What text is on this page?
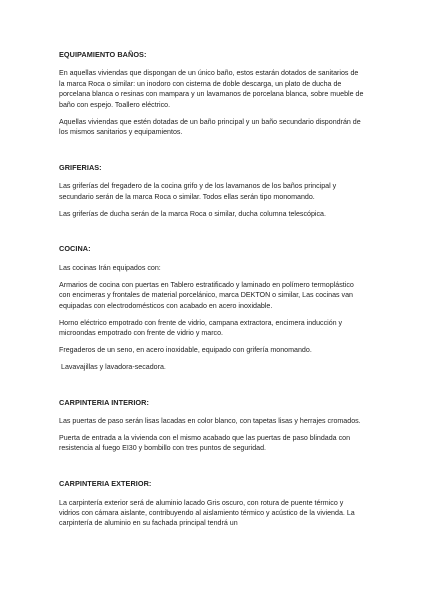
EQUIPAMIENTO BAÑOS:
En aquellas viviendas que dispongan de un único baño, estos estarán dotados de sanitarios de la marca Roca o similar: un inodoro con cisterna de doble descarga, un plato de ducha de porcelana blanca o resinas con mampara y un lavamanos de porcelana blanca, sobre mueble de baño con espejo. Toallero eléctrico.
Aquellas viviendas que estén dotadas de un baño principal y un baño secundario dispondrán de los mismos sanitarios y equipamientos.
GRIFERIAS:
Las griferías del fregadero de la cocina grifo y de los lavamanos de los baños principal y secundario serán de la marca Roca o similar. Todos ellas serán tipo monomando.
Las griferías de ducha serán de la marca Roca o similar, ducha columna telescópica.
COCINA:
Las cocinas Irán equipados con:
Armarios de cocina con puertas en Tablero estratificado y laminado en polímero termoplástico con encimeras y frontales de material porcelánico, marca DEKTON o similar, Las cocinas van equipadas con electrodomésticos con acabado en acero inoxidable.
Horno eléctrico empotrado con frente de vidrio, campana extractora, encimera inducción y microondas empotrado con frente de vidrio y marco.
Fregaderos de un seno, en acero inoxidable, equipado con grifería monomando.
Lavavajillas y lavadora-secadora.
CARPINTERIA INTERIOR:
Las puertas de paso serán lisas lacadas en color blanco, con tapetas lisas y herrajes cromados.
Puerta de entrada a la vivienda con el mismo acabado que las puertas de paso blindada con resistencia al fuego EI30 y bombillo con tres puntos de seguridad.
CARPINTERIA EXTERIOR:
La carpintería exterior será de aluminio lacado Gris oscuro, con rotura de puente térmico y vidrios con cámara aislante, contribuyendo al aislamiento térmico y acústico de la vivienda. La carpintería de aluminio en su fachada principal tendrá un
